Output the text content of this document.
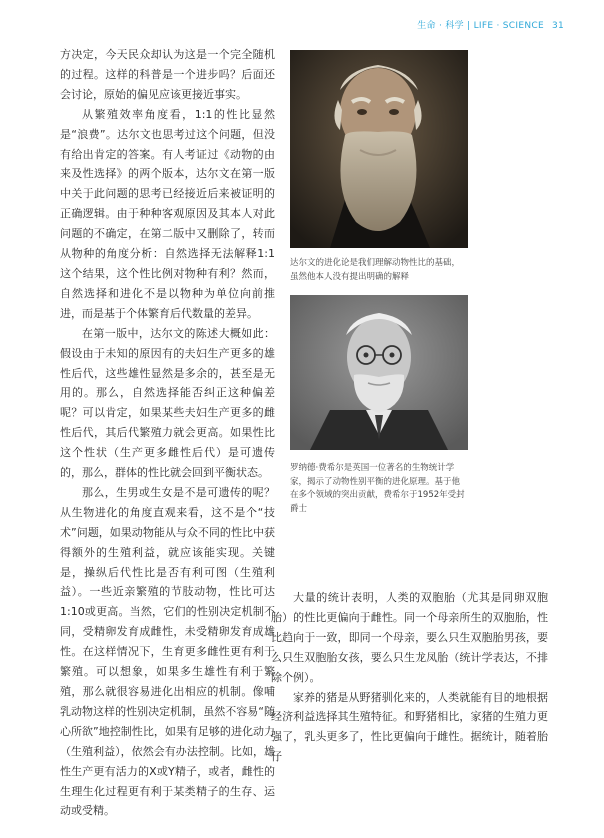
生命 · 科学 | LIFE · SCIENCE 31

方决定，今天民众却认为这是一个完全随机的过程。这样的科普是一个进步吗？后面还会讨论，原始的偏见应该更接近事实。

从繁殖效率角度看，1:1的性比显然是“浪费”。达尔文也思考过这个问题，但没有给出肯定的答案。有人考证过《动物的由来及性选择》的两个版本，达尔文在第一版中关于此问题的思考已经接近后来被证明的正确逻辑。由于种种客观原因及其本人对此问题的不确定，在第二版中又删除了，转而从物种的角度分析：自然选择无法解释1:1这个结果，这个性比例对物种有利？然而，自然选择和进化不是以物种为单位向前推进，而是基于个体繁育后代数量的差异。

在第一版中，达尔文的陈述大概如此：假设由于未知的原因有的夫妇生产更多的雄性后代，这些雄性显然是多余的，甚至是无用的。那么，自然选择能否纠正这种偏差呢？可以肯定，如果某些夫妇生产更多的雌性后代，其后代繁殖力就会更高。如果性比这个性状（生产更多雌性后代）是可遗传的，那么，群体的性比就会回到平衡状态。

那么，生男或生女是不是可遗传的呢？从生物进化的角度直观来看，这不是个“技术”问题，如果动物能从与众不同的性比中获得额外的生殖利益，就应该能实现。关键是，操纵后代性比是否有利可图（生殖利益）。一些近亲繁殖的节肢动物，性比可达1:10或更高。当然，它们的性别决定机制不同，受精卵发育成雌性，未受精卵发育成雄性。在这样情况下，生育更多雌性更有利于繁殖。可以想象，如果多生雄性有利于繁殖，那么就很容易进化出相应的机制。像哺乳动物这样的性别决定机制，虽然不容易“随心所欲”地控制性比，如果有足够的进化动力（生殖利益），依然会有办法控制。比如，雄性生产更有活力的X或Y精子，或者，雌性的生理生化过程更有利于某类精子的生存、运动或受精。

达尔文的进化论是我们理解动物性比的基础，虽然他本人没有提出明确的解释
罗纳德·费希尔是英国一位著名的生物统计学家，揭示了动物性别平衡的进化原理。基于他在多个领域的突出贡献，费希尔于1952年受封爵士

大量的统计表明，人类的双胞胎（尤其是同卵双胞胎）的性比更偏向于雌性。同一个母亲所生的双胞胎，性比趋向于一致，即同一个母亲，要么只生双胞胎男孩，要么只生双胞胎女孩，要么只生龙凤胎（统计学表达，不排除个例）。

家养的猪是从野猪驯化来的，人类就能有目的地根据经济利益选择其生殖特征。和野猪相比，家猪的生殖力更强了，乳头更多了，性比更偏向于雌性。据统计，随着胎仔
